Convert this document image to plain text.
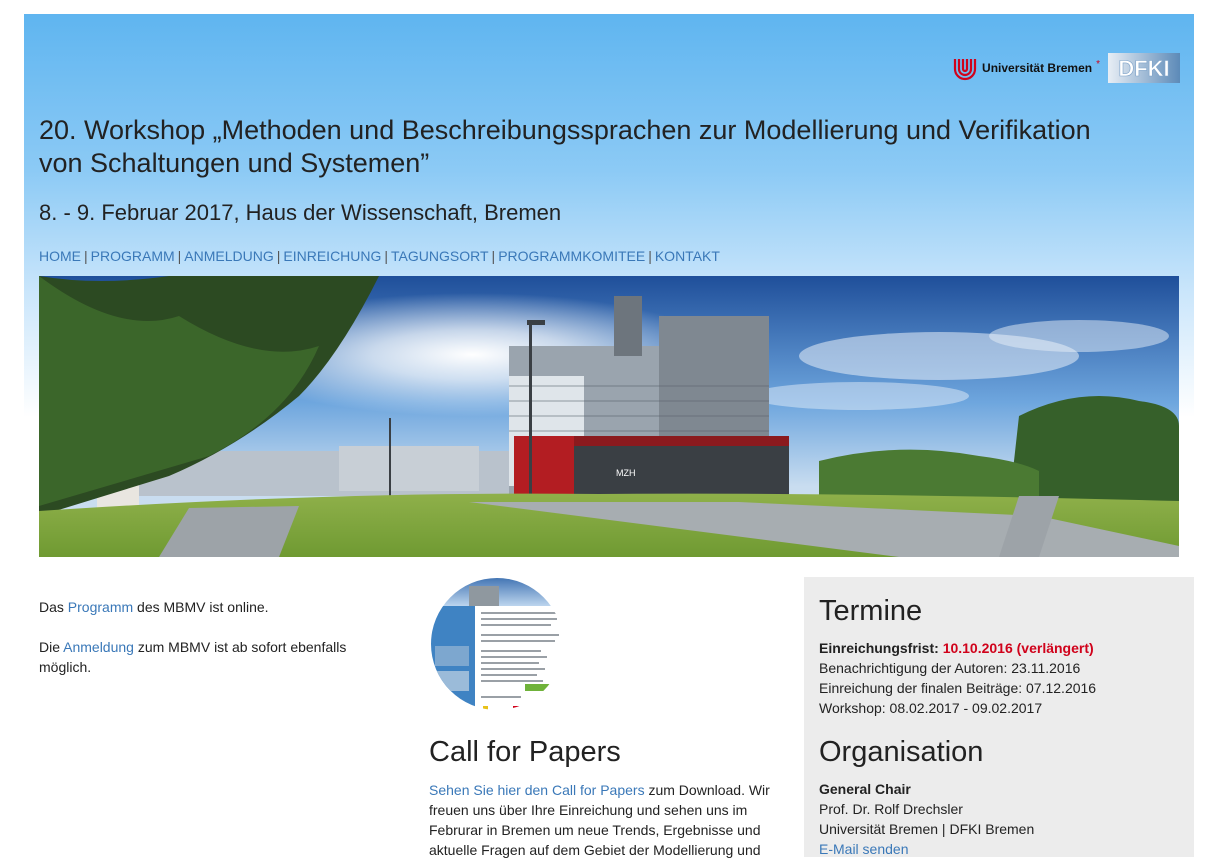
Universität Bremen * DFKI
20. Workshop „Methoden und Beschreibungssprachen zur Modellierung und Verifikation von Schaltungen und Systemen”
8. - 9. Februar 2017, Haus der Wissenschaft, Bremen
HOME | PROGRAMM | ANMELDUNG | EINREICHUNG | TAGUNGSORT | PROGRAMMKOMITEE | KONTAKT
MZH

Das Programm des MBMV ist online.

Die Anmeldung zum MBMV ist ab sofort ebenfalls möglich.

Call for Papers

Sehen Sie hier den Call for Papers zum Download. Wir freuen uns über Ihre Einreichung und sehen uns im Februrar in Bremen um neue Trends, Ergebnisse und aktuelle Fragen auf dem Gebiet der Modellierung und

Termine
Einreichungsfrist: 10.10.2016 (verlängert)
Benachrichtigung der Autoren: 23.11.2016
Einreichung der finalen Beiträge: 07.12.2016
Workshop: 08.02.2017 - 09.02.2017
Organisation
General Chair
Prof. Dr. Rolf Drechsler
Universität Bremen | DFKI Bremen
E-Mail senden
